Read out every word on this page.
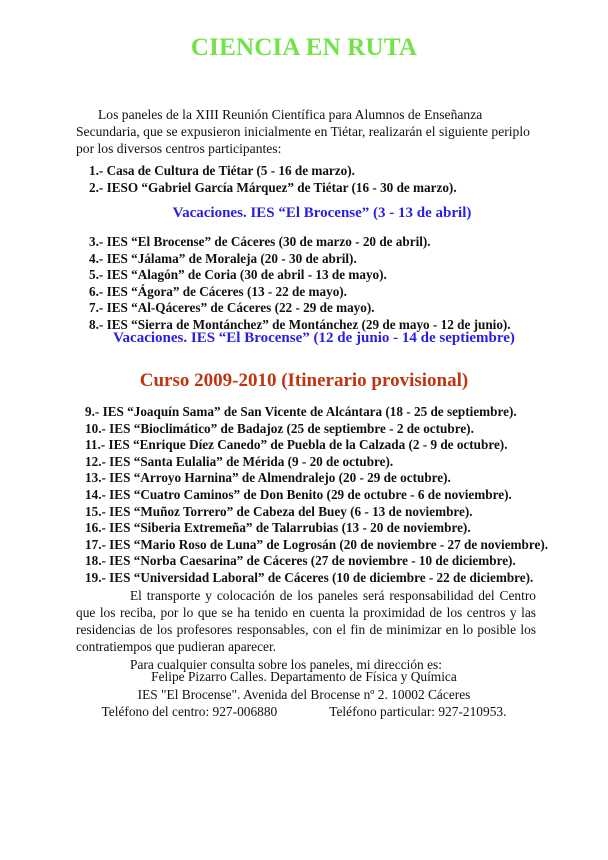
CIENCIA EN RUTA

Los paneles de la XIII Reunión Científica para Alumnos de Enseñanza Secundaria, que se expusieron inicialmente en Tiétar, realizarán el siguiente periplo por los diversos centros participantes:

1.- Casa de Cultura de Tiétar (5 - 16 de marzo).
2.- IESO “Gabriel García Márquez” de Tiétar (16 - 30 de marzo).
Vacaciones. IES “El Brocense” (3 - 13 de abril)
3.- IES “El Brocense” de Cáceres (30 de marzo - 20 de abril).
4.- IES “Jálama” de Moraleja (20 - 30 de abril).
5.- IES “Alagón” de Coria (30 de abril - 13 de mayo).
6.- IES “Ágora” de Cáceres (13 - 22 de mayo).
7.- IES “Al-Qáceres” de Cáceres (22 - 29 de mayo).
8.- IES “Sierra de Montánchez” de Montánchez (29 de mayo - 12 de junio).
Vacaciones. IES “El Brocense” (12 de junio - 14 de septiembre)
Curso 2009-2010 (Itinerario provisional)
9.- IES “Joaquín Sama” de San Vicente de Alcántara (18 - 25 de septiembre).
10.- IES “Bioclimático” de Badajoz (25 de septiembre - 2 de octubre).
11.- IES “Enrique Díez Canedo” de Puebla de la Calzada (2 - 9 de octubre).
12.- IES “Santa Eulalia” de Mérida (9 - 20 de octubre).
13.- IES “Arroyo Harnina” de Almendralejo (20 - 29 de octubre).
14.- IES “Cuatro Caminos” de Don Benito (29 de octubre - 6 de noviembre).
15.- IES “Muñoz Torrero” de Cabeza del Buey (6 - 13 de noviembre).
16.- IES “Siberia Extremeña” de Talarrubias (13 - 20 de noviembre).
17.- IES “Mario Roso de Luna” de Logrosán (20 de noviembre - 27 de noviembre).
18.- IES “Norba Caesarina” de Cáceres (27 de noviembre - 10 de diciembre).
19.- IES “Universidad Laboral” de Cáceres (10 de diciembre - 22 de diciembre).

El transporte y colocación de los paneles será responsabilidad del Centro que los reciba, por lo que se ha tenido en cuenta la proximidad de los centros y las residencias de los profesores responsables, con el fin de minimizar en lo posible los contratiempos que pudieran aparecer.

Para cualquier consulta sobre los paneles, mi dirección es:

Felipe Pizarro Calles. Departamento de Física y Química
IES "El Brocense". Avenida del Brocense nº 2. 10002 Cáceres
Teléfono del centro: 927-006880	Teléfono particular: 927-210953.
